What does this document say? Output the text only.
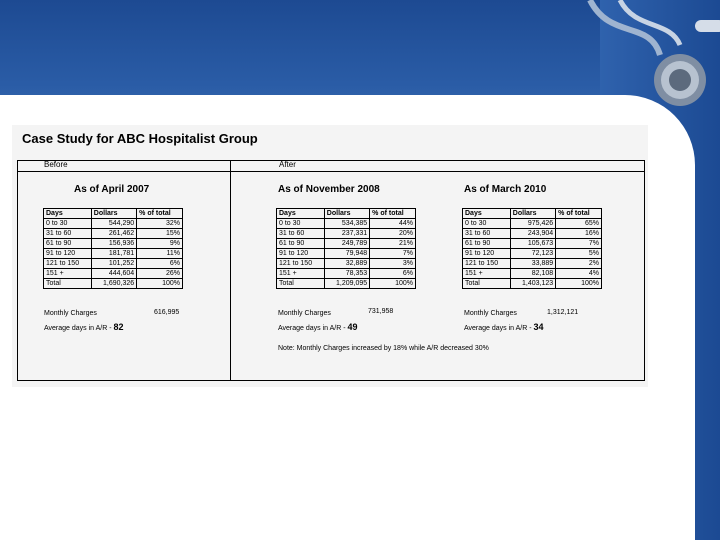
Case Study for ABC Hospitalist Group
Before	After
As of April 2007
Days	Dollars	% of total
0 to 30	544,290	32%
31 to 60	261,462	15%
61 to 90	156,936	9%
91 to 120	181,781	11%
121 to 150	101,252	6%
151 +	444,604	26%
Total	1,690,326	100%
Monthly Charges	616,995
Average days in A/R - 82
As of November 2008
Days	Dollars	% of total
0 to 30	534,385	44%
31 to 60	237,331	20%
61 to 90	249,789	21%
91 to 120	79,948	7%
121 to 150	32,889	3%
151 +	78,353	6%
Total	1,209,095	100%
Monthly Charges	731,958
Average days in A/R - 49
Note: Monthly Charges increased by 18% while A/R decreased 30%
As of March 2010
Days	Dollars	% of total
0 to 30	975,426	65%
31 to 60	243,904	16%
61 to 90	105,673	7%
91 to 120	72,123	5%
121 to 150	33,889	2%
151 +	82,108	4%
Total	1,403,123	100%
Monthly Charges	1,312,121
Average days in A/R - 34
